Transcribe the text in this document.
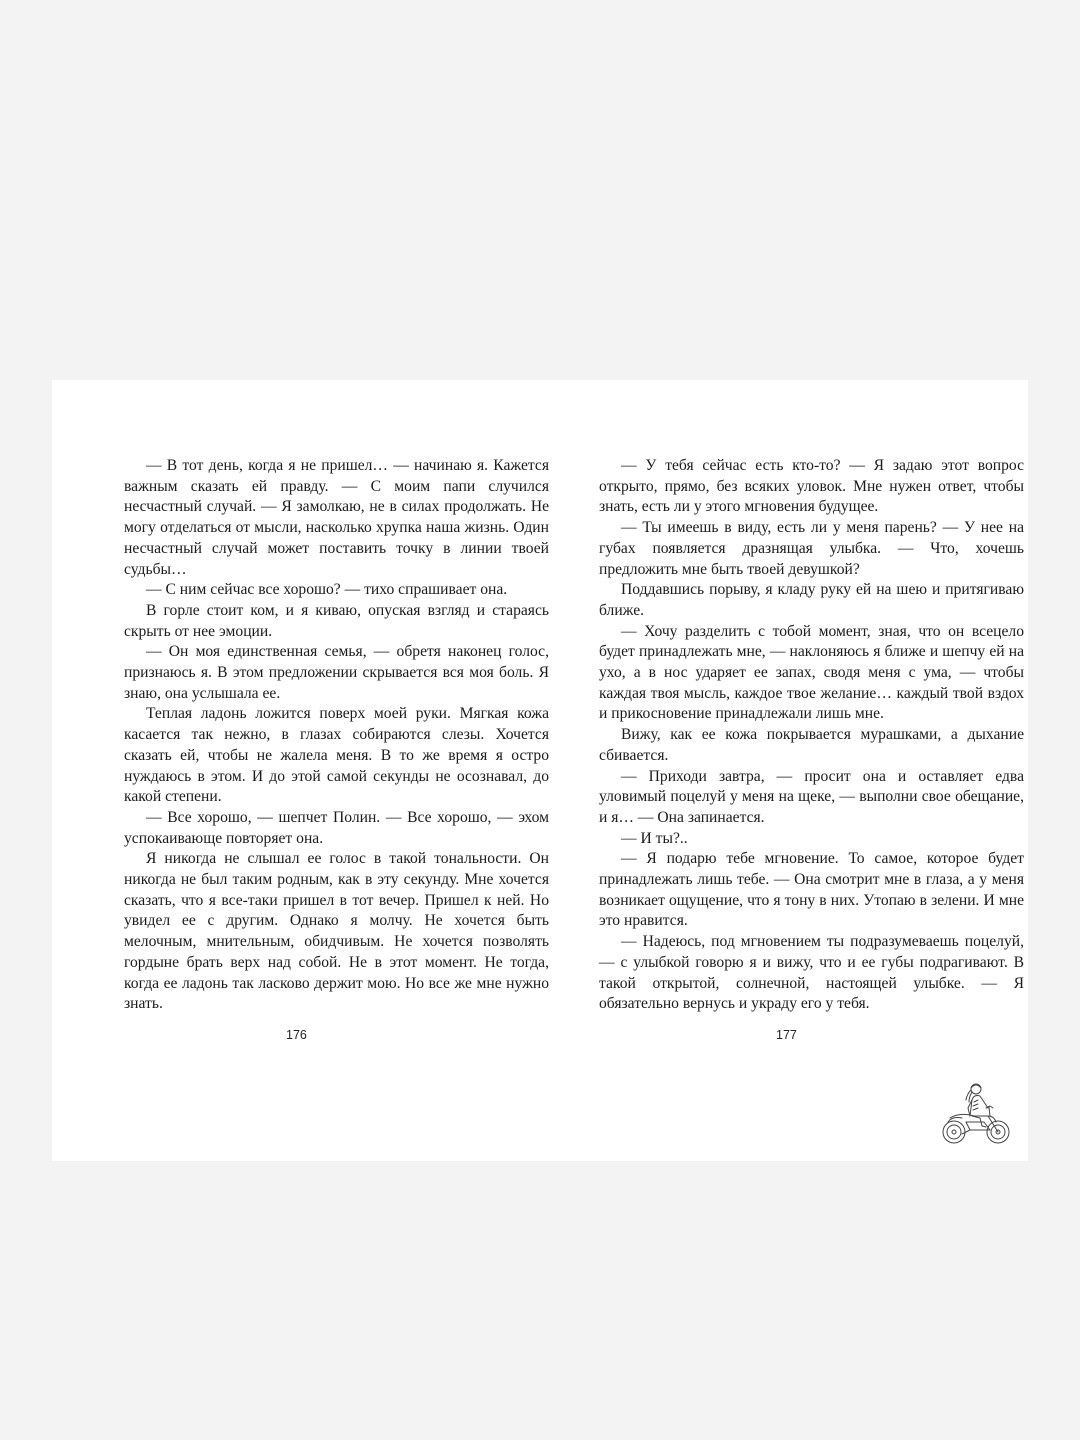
— В тот день, когда я не пришел… — начинаю я. Кажется важным сказать ей правду. — С моим папи случился несчастный случай. — Я замолкаю, не в силах продолжать. Не могу отделаться от мысли, насколько хрупка наша жизнь. Один несчастный случай может поставить точку в линии твоей судьбы…

— С ним сейчас все хорошо? — тихо спрашивает она.

В горле стоит ком, и я киваю, опуская взгляд и стараясь скрыть от нее эмоции.

— Он моя единственная семья, — обретя наконец голос, признаюсь я. В этом предложении скрывается вся моя боль. Я знаю, она услышала ее.

Теплая ладонь ложится поверх моей руки. Мягкая кожа касается так нежно, в глазах собираются слезы. Хочется сказать ей, чтобы не жалела меня. В то же время я остро нуждаюсь в этом. И до этой самой секунды не осознавал, до какой степени.

— Все хорошо, — шепчет Полин. — Все хорошо, — эхом успокаивающе повторяет она.

Я никогда не слышал ее голос в такой тональности. Он никогда не был таким родным, как в эту секунду. Мне хочется сказать, что я все-таки пришел в тот вечер. Пришел к ней. Но увидел ее с другим. Однако я молчу. Не хочется быть мелочным, мнительным, обидчивым. Не хочется позволять гордыне брать верх над собой. Не в этот момент. Не тогда, когда ее ладонь так ласково держит мою. Но все же мне нужно знать.

— У тебя сейчас есть кто-то? — Я задаю этот вопрос открыто, прямо, без всяких уловок. Мне нужен ответ, чтобы знать, есть ли у этого мгновения будущее.

— Ты имеешь в виду, есть ли у меня парень? — У нее на губах появляется дразнящая улыбка. — Что, хочешь предложить мне быть твоей девушкой?

Поддавшись порыву, я кладу руку ей на шею и притягиваю ближе.

— Хочу разделить с тобой момент, зная, что он всецело будет принадлежать мне, — наклоняюсь я ближе и шепчу ей на ухо, а в нос ударяет ее запах, сводя меня с ума, — чтобы каждая твоя мысль, каждое твое желание… каждый твой вздох и прикосновение принадлежали лишь мне.

Вижу, как ее кожа покрывается мурашками, а дыхание сбивается.

— Приходи завтра, — просит она и оставляет едва уловимый поцелуй у меня на щеке, — выполни свое обещание, и я… — Она запинается.

— И ты?..

— Я подарю тебе мгновение. То самое, которое будет принадлежать лишь тебе. — Она смотрит мне в глаза, а у меня возникает ощущение, что я тону в них. Утопаю в зелени. И мне это нравится.

— Надеюсь, под мгновением ты подразумеваешь поцелуй, — с улыбкой говорю я и вижу, что и ее губы подрагивают. В такой открытой, солнечной, настоящей улыбке. — Я обязательно вернусь и украду его у тебя.

176	177
